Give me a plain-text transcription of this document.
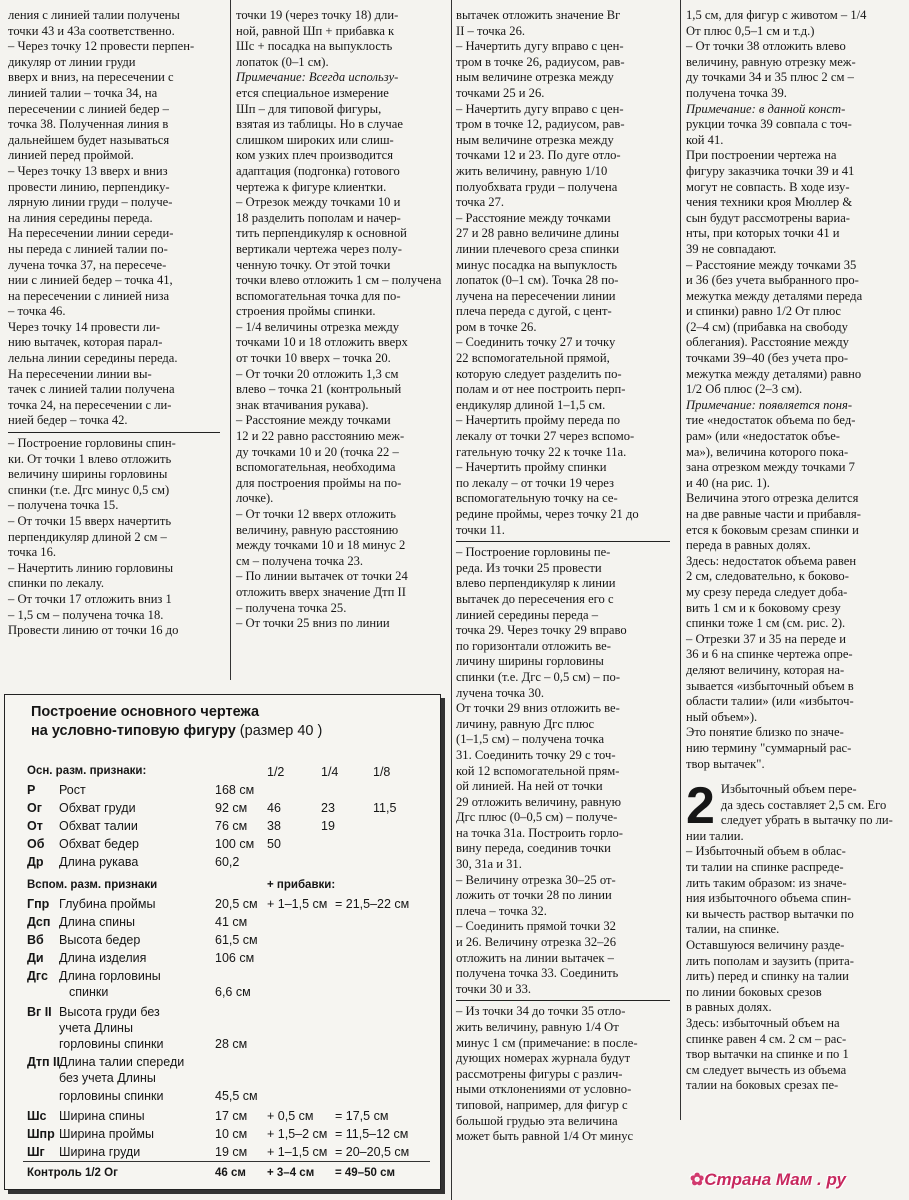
ления с линией талии получены

точки 43 и 43а соответственно.

– Через точку 12 провести перпен-

дикуляр от линии груди

вверх и вниз, на пересечении с

линией талии – точка 34, на

пересечении с линией бедер –

точка 38. Полученная линия в

дальнейшем будет называться

линией перед проймой.

– Через точку 13 вверх и вниз

провести линию, перпендику-

лярную линии груди – получе-

на линия середины переда.

На пересечении линии середи-

ны переда с линией талии по-

лучена точка 37, на пересече-

нии с линией бедер – точка 41,

на пересечении с линией низа

– точка 46.

Через точку 14 провести ли-

нию вытачек, которая парал-

лельна линии середины переда.

На пересечении линии вы-

тачек с линией талии получена

точка 24, на пересечении с ли-

нией бедер – точка 42.

– Построение горловины спин-

ки. От точки 1 влево отложить

величину ширины горловины

спинки (т.е. Дгс минус 0,5 см)

– получена точка 15.

– От точки 15 вверх начертить

перпендикуляр длиной 2 см –

точка 16.

– Начертить линию горловины

спинки по лекалу.

– От точки 17 отложить вниз 1

– 1,5 см – получена точка 18.

Провести линию от точки 16 до

точки 19 (через точку 18) дли-

ной, равной Шп + прибавка к

Шс + посадка на выпуклость

лопаток (0–1 см).

Примечание: Всегда использу-

ется специальное измерение

Шп – для типовой фигуры,

взятая из таблицы. Но в случае

слишком широких или слиш-

ком узких плеч производится

адаптация (подгонка) готового

чертежа к фигуре клиентки.

– Отрезок между точками 10 и

18 разделить пополам и начер-

тить перпендикуляр к основной

вертикали чертежа через полу-

ченную точку. От этой точки

точки влево отложить 1 см – получена

вспомогательная точка для по-

строения проймы спинки.

– 1/4 величины отрезка между

точками 10 и 18 отложить вверх

от точки 10 вверх – точка 20.

– От точки 20 отложить 1,3 см

влево – точка 21 (контрольный

знак втачивания рукава).

– Расстояние между точками

12 и 22 равно расстоянию меж-

ду точками 10 и 20 (точка 22 –

вспомогательная, необходима

для построения проймы на по-

лочке).

– От точки 12 вверх отложить

величину, равную расстоянию

между точками 10 и 18 минус 2

см – получена точка 23.

– По линии вытачек от точки 24

отложить вверх значение Дтп II

– получена точка 25.

– От точки 25 вниз по линии

вытачек отложить значение Вг

II – точка 26.

– Начертить дугу вправо с цен-

тром в точке 26, радиусом, рав-

ным величине отрезка между

точками 25 и 26.

– Начертить дугу вправо с цен-

тром в точке 12, радиусом, рав-

ным величине отрезка между

точками 12 и 23. По дуге отло-

жить величину, равную 1/10

полуобхвата груди – получена

точка 27.

– Расстояние между точками

27 и 28 равно величине длины

линии плечевого среза спинки

минус посадка на выпуклость

лопаток (0–1 см). Точка 28 по-

лучена на пересечении линии

плеча переда с дугой, с цент-

ром в точке 26.

– Соединить точку 27 и точку

22 вспомогательной прямой,

которую следует разделить по-

полам и от нее построить перп-

ендикуляр длиной 1–1,5 см.

– Начертить пройму переда по

лекалу от точки 27 через вспомо-

гательную точку 22 к точке 11а.

– Начертить пройму спинки

по лекалу – от точки 19 через

вспомогательную точку на се-

редине проймы, через точку 21 до

точки 11.

– Построение горловины пе-

реда. Из точки 25 провести

влево перпендикуляр к линии

вытачек до пересечения его с

линией середины переда –

точка 29. Через точку 29 вправо

по горизонтали отложить ве-

личину ширины горловины

спинки (т.е. Дгс – 0,5 см) – по-

лучена точка 30.

От точки 29 вниз отложить ве-

личину, равную Дгс плюс

(1–1,5 см) – получена точка

31. Соединить точку 29 с точ-

кой 12 вспомогательной прям-

ой линией. На ней от точки

29 отложить величину, равную

Дгс плюс (0–0,5 см) – получе-

на точка 31а. Построить горло-

вину переда, соединив точки

30, 31а и 31.

– Величину отрезка 30–25 от-

ложить от точки 28 по линии

плеча – точка 32.

– Соединить прямой точки 32

и 26. Величину отрезка 32–26

отложить на линии вытачек –

получена точка 33. Соединить

точки 30 и 33.

– Из точки 34 до точки 35 отло-

жить величину, равную 1/4 От

минус 1 см (примечание: в после-

дующих номерах журнала будут

рассмотрены фигуры с различ-

ными отклонениями от условно-

типовой, например, для фигур с

большой грудью эта величина

может быть равной 1/4 От минус

1,5 см, для фигур с животом – 1/4

От плюс 0,5–1 см и т.д.)

– От точки 38 отложить влево

величину, равную отрезку меж-

ду точками 34 и 35 плюс 2 см –

получена точка 39.

Примечание: в данной конст-

рукции точка 39 совпала с точ-

кой 41.

При построении чертежа на

фигуру заказчика точки 39 и 41

могут не совпасть. В ходе изу-

чения техники кроя Мюллер &

сын будут рассмотрены вариа-

нты, при которых точки 41 и

39 не совпадают.

– Расстояние между точками 35

и 36 (без учета выбранного про-

межутка между деталями переда

и спинки) равно 1/2 От плюс

(2–4 см) (прибавка на свободу

облегания). Расстояние между

точками 39–40 (без учета про-

межутка между деталями) равно

1/2 Об плюс (2–3 см).

Примечание: появляется поня-

тие «недостаток объема по бед-

рам» (или «недостаток объе-

ма»), величина которого пока-

зана отрезком между точками 7

и 40 (на рис. 1).

Величина этого отрезка делится

на две равные части и прибавля-

ется к боковым срезам спинки и

переда в равных долях.

Здесь: недостаток объема равен

2 см, следовательно, к боково-

му срезу переда следует доба-

вить 1 см и к боковому срезу

спинки тоже 1 см (см. рис. 2).

– Отрезки 37 и 35 на переде и

36 и 6 на спинке чертежа опре-

деляют величину, которая на-

зывается «избыточный объем в

области талии» (или «избыточ-

ный объем»).

Это понятие близко по значе-

нию термину "суммарный рас-

твор вытачек".

2 Избыточный объем пере-

да здесь составляет 2,5 см. Его

следует убрать в вытачку по ли-

нии талии.

– Избыточный объем в облас-

ти талии на спинке распреде-

лить таким образом: из значе-

ния избыточного объема спин-

ки вычесть раствор вытачки по

талии, на спинке.

Оставшуюся величину разде-

лить пополам и заузить (прита-

лить) перед и спинку на талии

по линии боковых срезов

в равных долях.

Здесь: избыточный объем на

спинке равен 4 см. 2 см – рас-

твор вытачки на спинке и по 1

см следует вычесть из объема

талии на боковых срезах пе-

Построение основного чертежа
на условно-типовую фигуру (размер 40 )
Осн. разм. признаки:	1/2	1/4	1/8
Р Рост	168 см
Ог Обхват груди	92 см 46	23	11,5
От Обхват талии	76 см 38	19
Об Обхват бедер	100 см 50
Др Длина рукава	60,2
Вспом. разм. признаки	+ прибавки:
Гпр Глубина проймы	20,5 см + 1–1,5 см = 21,5–22 см
Дсп Длина спины	41 см
Вб Высота бедер	61,5 см
Ди Длина изделия	106 см
Дгс Длина горловины
спинки	6,6 см
Вг II Высота груди без
учета Длины
горловины спинки	28 см
Дтп II Длина талии спереди
без учета Длины
горловины спинки	45,5 см
Шс Ширина спины	17 см + 0,5 см = 17,5 см
Шпр Ширина проймы	10 см + 1,5–2 см = 11,5–12 см
Шг Ширина груди	19 см + 1–1,5 см = 20–20,5 см
Контроль 1/2 Ог	46 см + 3–4 см = 49–50 см	✿Страна Мам . ру
